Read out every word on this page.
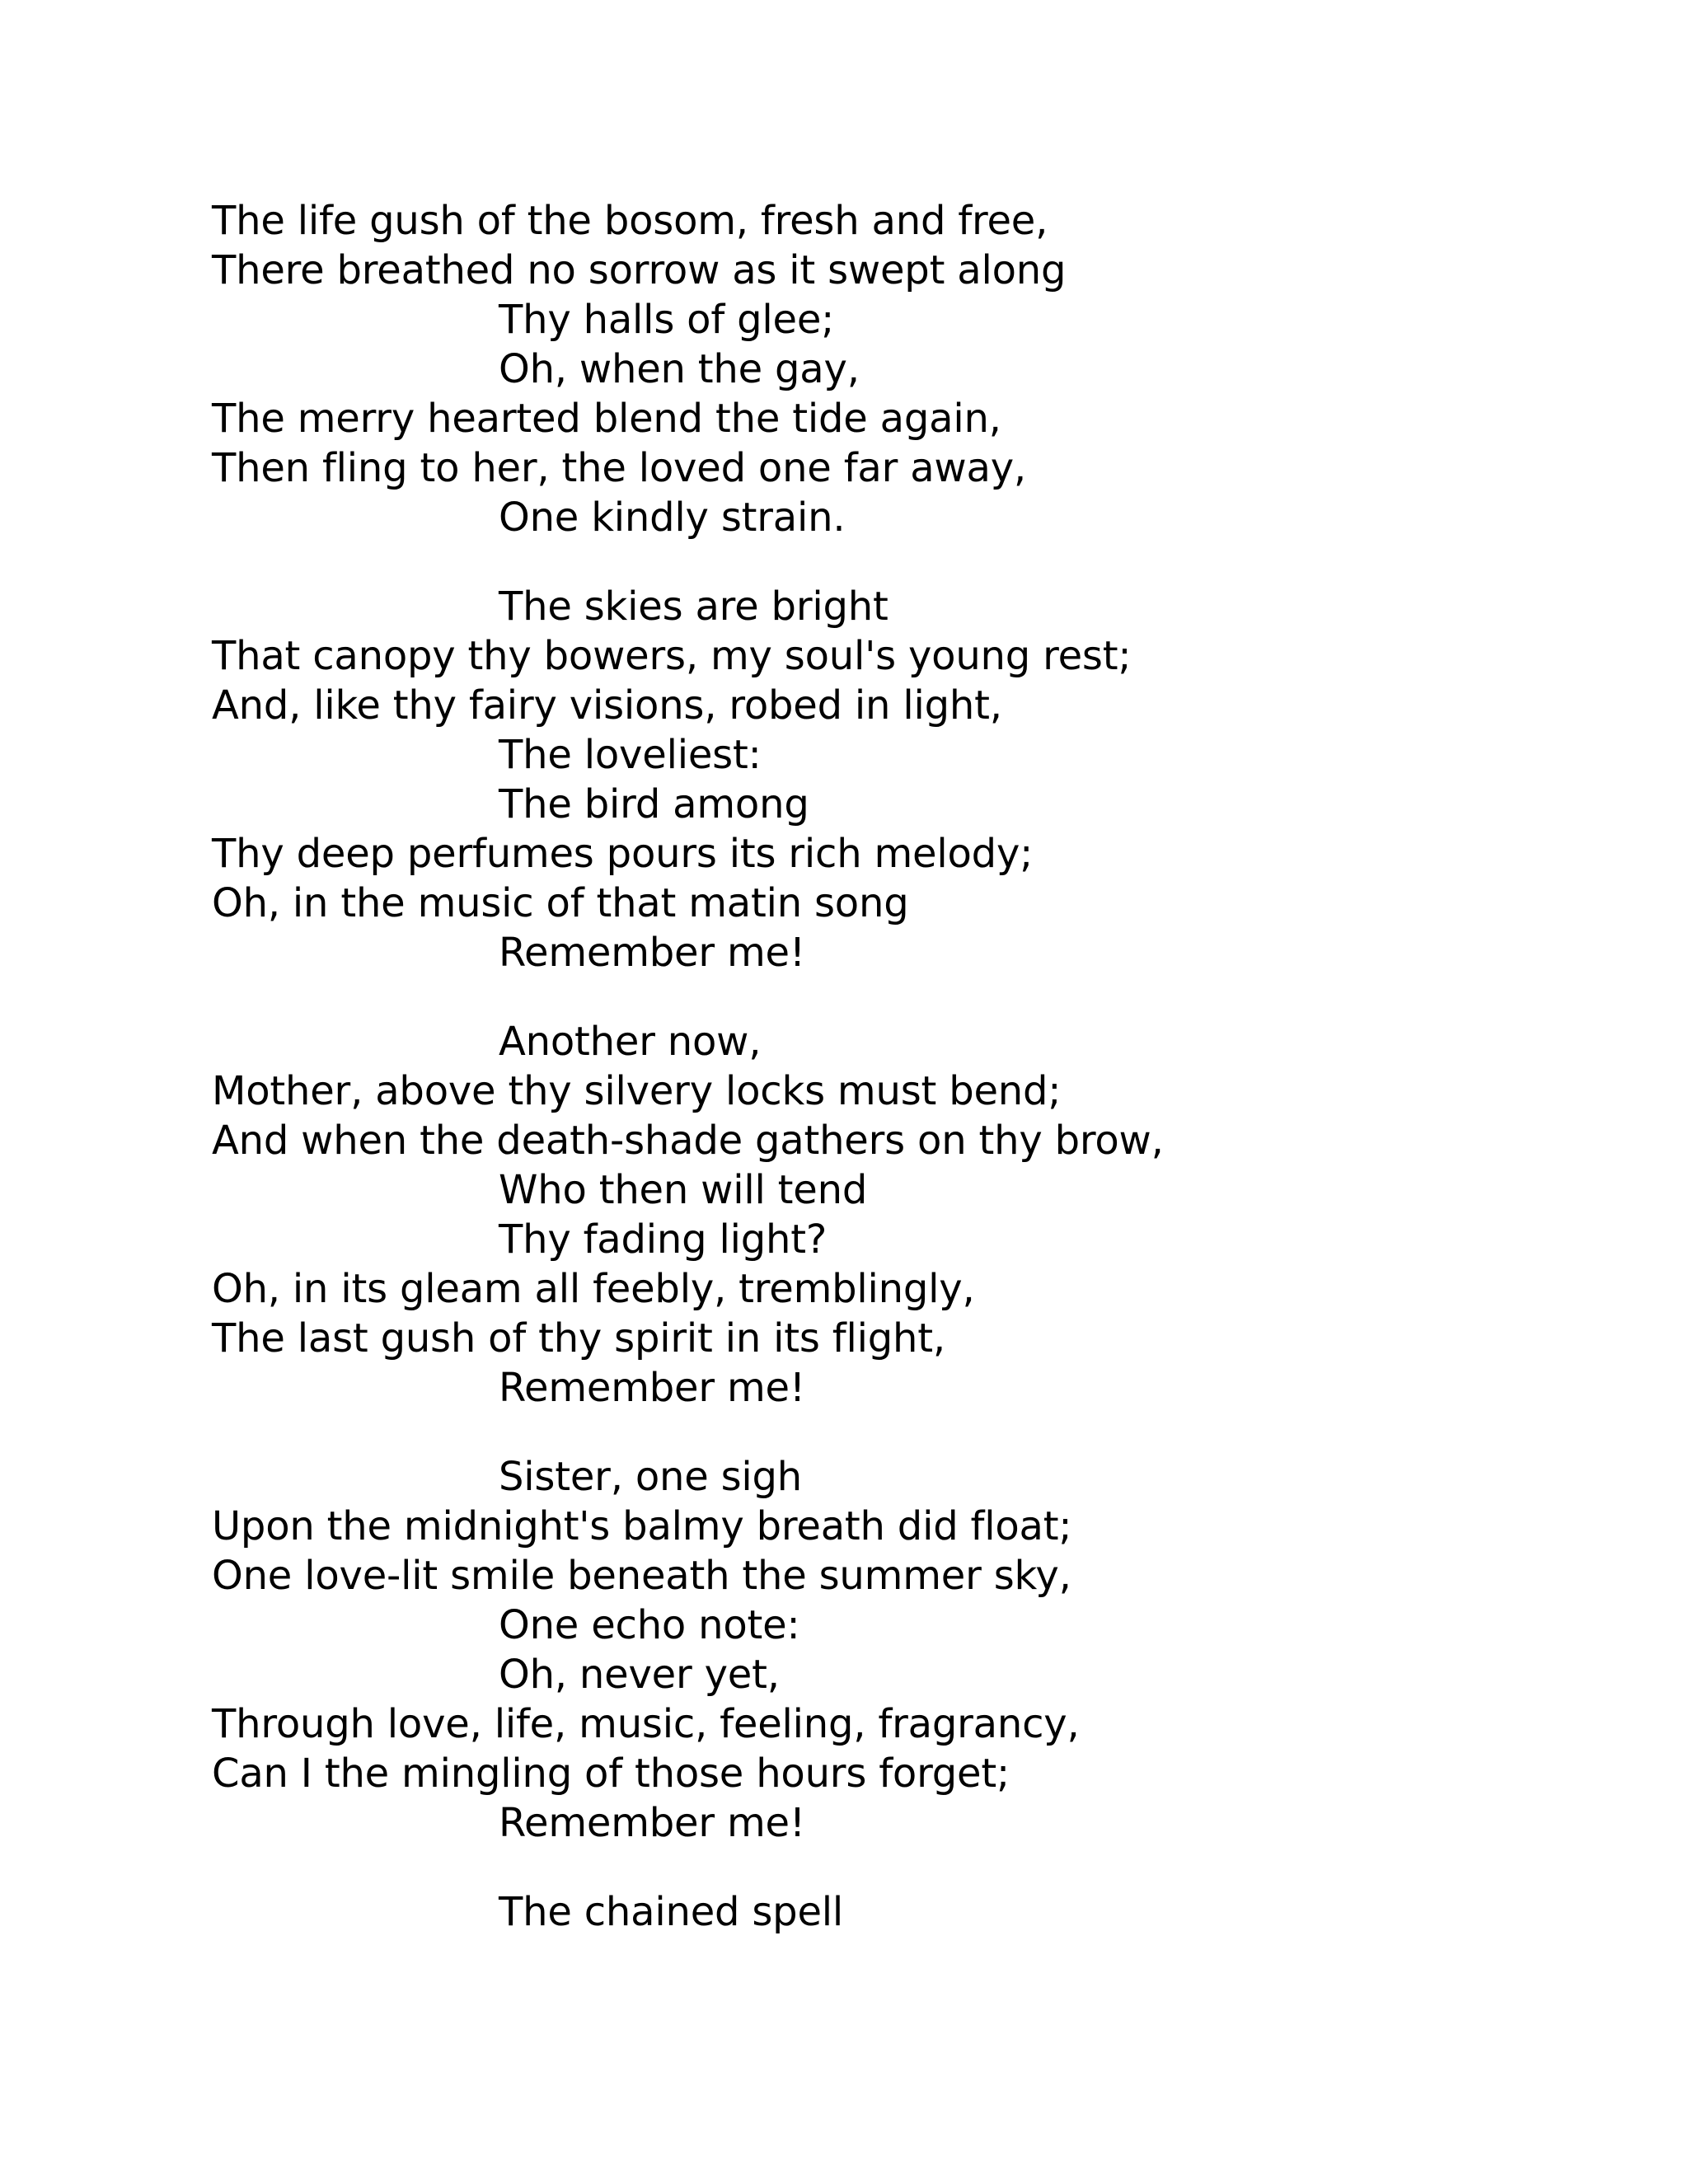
The life gush of the bosom, fresh and free,
There breathed no sorrow as it swept along
Thy halls of glee;
Oh, when the gay,
The merry hearted blend the tide again,
Then fling to her, the loved one far away,
One kindly strain.
The skies are bright
That canopy thy bowers, my soul's young rest;
And, like thy fairy visions, robed in light,
The loveliest:
The bird among
Thy deep perfumes pours its rich melody;
Oh, in the music of that matin song
Remember me!
Another now,
Mother, above thy silvery locks must bend;
And when the death-shade gathers on thy brow,
Who then will tend
Thy fading light?
Oh, in its gleam all feebly, tremblingly,
The last gush of thy spirit in its flight,
Remember me!
Sister, one sigh
Upon the midnight's balmy breath did float;
One love-lit smile beneath the summer sky,
One echo note:
Oh, never yet,
Through love, life, music, feeling, fragrancy,
Can I the mingling of those hours forget;
Remember me!
The chained spell
